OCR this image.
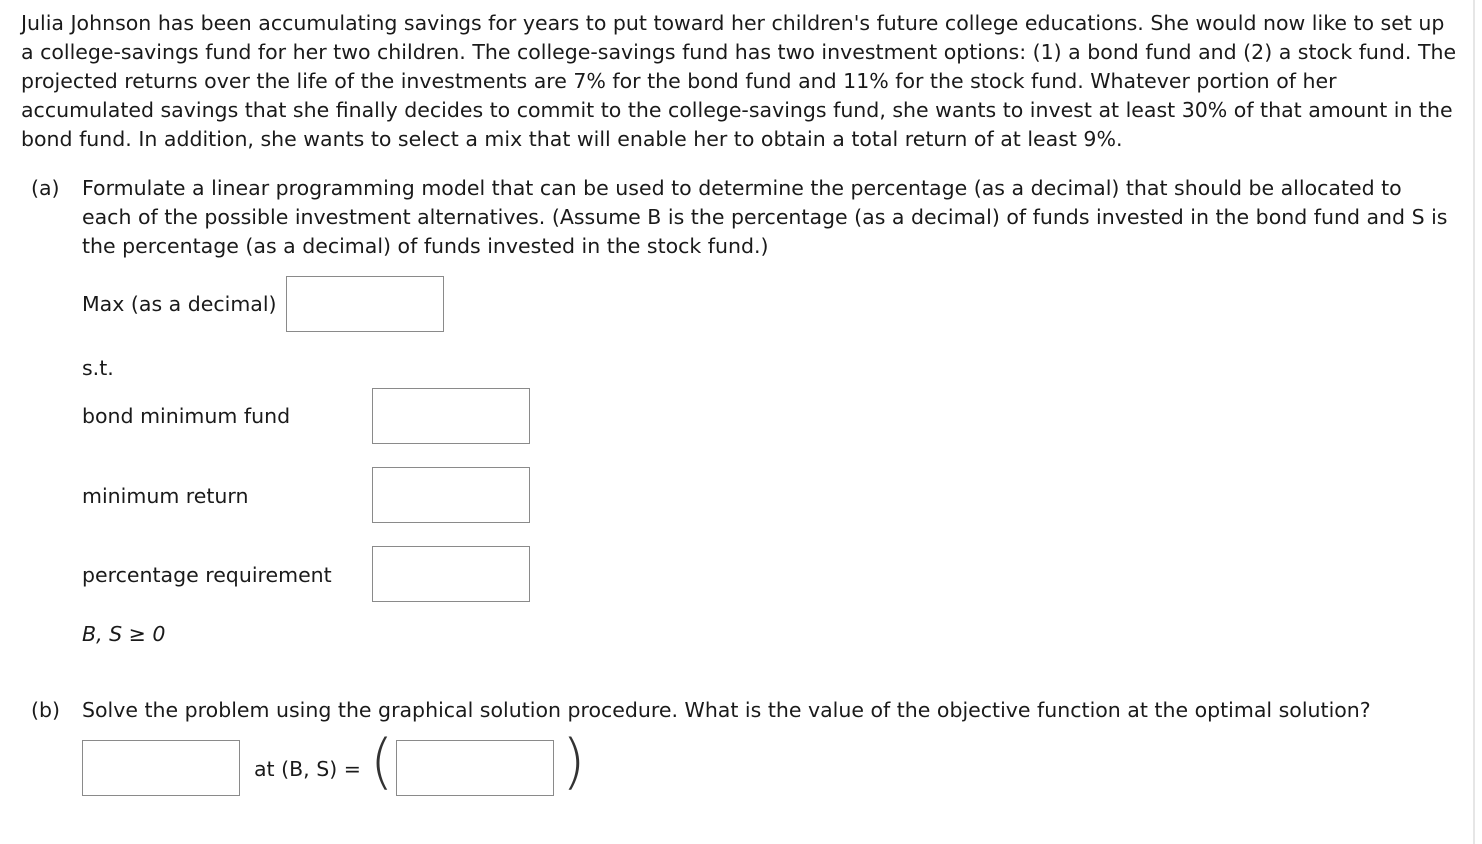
Julia Johnson has been accumulating savings for years to put toward her children's future college educations. She would now like to set up a college-savings fund for her two children. The college-savings fund has two investment options: (1) a bond fund and (2) a stock fund. The projected returns over the life of the investments are 7% for the bond fund and 11% for the stock fund. Whatever portion of her accumulated savings that she finally decides to commit to the college-savings fund, she wants to invest at least 30% of that amount in the bond fund. In addition, she wants to select a mix that will enable her to obtain a total return of at least 9%.

(a) Formulate a linear programming model that can be used to determine the percentage (as a decimal) that should be allocated to each of the possible investment alternatives. (Assume B is the percentage (as a decimal) of funds invested in the bond fund and S is the percentage (as a decimal) of funds invested in the stock fund.)

Max (as a decimal)
s.t.
bond minimum fund
minimum return
percentage requirement
B, S ≥ 0
(b) Solve the problem using the graphical solution procedure. What is the value of the objective function at the optimal solution?

at (B, S) = (	)
